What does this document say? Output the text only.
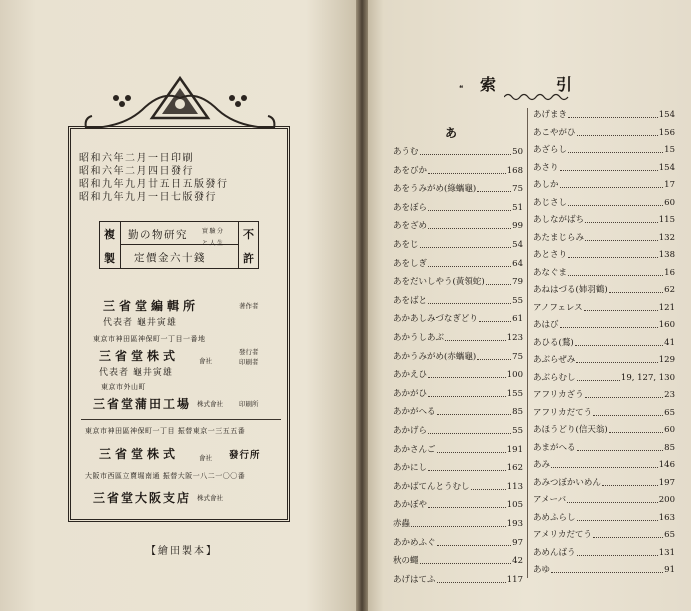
昭和六年二月一日印刷
昭和六年二月四日發行
昭和九年九月廿五日五版發行
昭和九年九月一日七版發行
複
製
勤の物研究 實驗分
と人生
定價金六十錢
不
許
三省堂編輯所	著作者
代表者 龜井寅雄
東京市神田區神保町一丁目一番地
三省堂株式	會社
發行者
印刷者
代表者 龜井寅雄
東京市外山町
三省堂蒲田工場 株式會社 印刷所
東京市神田區神保町一丁目 振替東京一三五五番
三省堂株式	會社 發行所
大阪市西區立賣堀南通 振替大阪一八二一〇〇番
三省堂大阪支店 株式會社
【繪田製本】
❝ 索	引
あ
あうむ	50
あをびか	168
あをうみがめ(綠蠵龜)	75
あをぼら	51
あをざめ	99
あをじ	54
あをしぎ	64
あをだいしやう(黃領蛇)	79
あをばと	55
あかあしみづなぎどり	61
あかうしあぶ	123
あかうみがめ(赤蠵龜)	75
あかえひ	100
あかがひ	155
あかがへる	85
あかげら	55
あかさんご	191
あかにし	162
あかばてんとうむし	113
あかぼや	105
赤蟲	193
あかめふぐ	97
秋の蠅	42
あげはてふ	117
あげまき	154
あこやがひ	156
あざらし	15
あさり	154
あしか	17
あじさし	60
あしながばち	115
あたまじらみ	132
あとさり	138
あなぐま	16
あねはづる(姉羽鶴)	62
アノフェレス	121
あはび	160
あひる(鶩)	41
あぶらぜみ	129
あぶらむし	19, 127, 130
アフリカざう	23
アフリカだてう	65
あほうどり(信天翁)	60
あまがへる	85
あみ	146
あみつぼかいめん	197
アメーバ	200
あめふらし	163
アメリカだてう	65
あめんばう	131
あゆ	91
